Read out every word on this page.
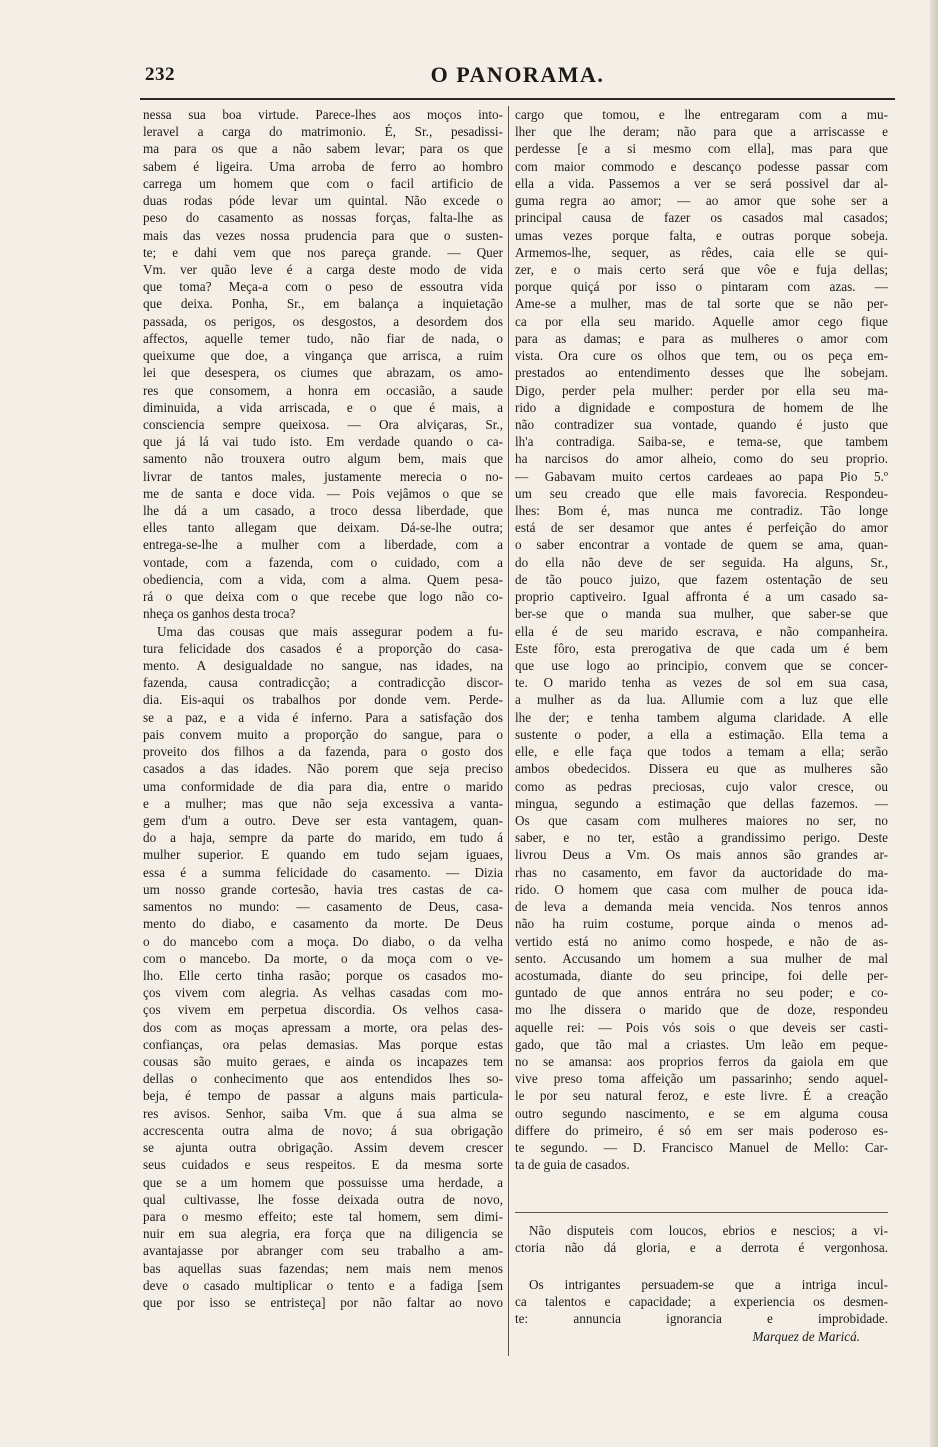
232	O PANORAMA.
nessa sua boa virtude. Parece-lhes aos moços into-
leravel a carga do matrimonio. É, Sr., pesadissi-
ma para os que a não sabem levar; para os que
sabem é ligeira. Uma arroba de ferro ao hombro
carrega um homem que com o facil artificio de
duas rodas póde levar um quintal. Não excede o
peso do casamento as nossas forças, falta-lhe as
mais das vezes nossa prudencia para que o susten-
te; e dahi vem que nos pareça grande. — Quer
Vm. ver quão leve é a carga deste modo de vida
que toma? Meça-a com o peso de essoutra vida
que deixa. Ponha, Sr., em balança a inquietação
passada, os perigos, os desgostos, a desordem dos
affectos, aquelle temer tudo, não fiar de nada, o
queixume que doe, a vingança que arrisca, a ruim
lei que desespera, os ciumes que abrazam, os amo-
res que consomem, a honra em occasião, a saude
diminuida, a vida arriscada, e o que é mais, a
consciencia sempre queixosa. — Ora alviçaras, Sr.,
que já lá vai tudo isto. Em verdade quando o ca-
samento não trouxera outro algum bem, mais que
livrar de tantos males, justamente merecia o no-
me de santa e doce vida. — Pois vejâmos o que se
lhe dá a um casado, a troco dessa liberdade, que
elles tanto allegam que deixam. Dá-se-lhe outra;
entrega-se-lhe a mulher com a liberdade, com a
vontade, com a fazenda, com o cuidado, com a
obediencia, com a vida, com a alma. Quem pesa-
rá o que deixa com o que recebe que logo não co-
nheça os ganhos desta troca?
Uma das cousas que mais assegurar podem a fu-
tura felicidade dos casados é a proporção do casa-
mento. A desigualdade no sangue, nas idades, na
fazenda, causa contradicção; a contradicção discor-
dia. Eis-aqui os trabalhos por donde vem. Perde-
se a paz, e a vida é inferno. Para a satisfação dos
pais convem muito a proporção do sangue, para o
proveito dos filhos a da fazenda, para o gosto dos
casados a das idades. Não porem que seja preciso
uma conformidade de dia para dia, entre o marido
e a mulher; mas que não seja excessiva a vanta-
gem d'um a outro. Deve ser esta vantagem, quan-
do a haja, sempre da parte do marido, em tudo á
mulher superior. E quando em tudo sejam iguaes,
essa é a summa felicidade do casamento. — Dizia
um nosso grande cortesão, havia tres castas de ca-
samentos no mundo: — casamento de Deus, casa-
mento do diabo, e casamento da morte. De Deus
o do mancebo com a moça. Do diabo, o da velha
com o mancebo. Da morte, o da moça com o ve-
lho. Elle certo tinha rasão; porque os casados mo-
ços vivem com alegria. As velhas casadas com mo-
ços vivem em perpetua discordia. Os velhos casa-
dos com as moças apressam a morte, ora pelas des-
confianças, ora pelas demasias. Mas porque estas
cousas são muito geraes, e ainda os incapazes tem
dellas o conhecimento que aos entendidos lhes so-
beja, é tempo de passar a alguns mais particula-
res avisos. Senhor, saiba Vm. que á sua alma se
accrescenta outra alma de novo; á sua obrigação
se ajunta outra obrigação. Assim devem crescer
seus cuidados e seus respeitos. E da mesma sorte
que se a um homem que possuisse uma herdade, a
qual cultivasse, lhe fosse deixada outra de novo,
para o mesmo effeito; este tal homem, sem dimi-
nuir em sua alegria, era força que na diligencia se
avantajasse por abranger com seu trabalho a am-
bas aquellas suas fazendas; nem mais nem menos
deve o casado multiplicar o tento e a fadiga [sem
que por isso se entristeça] por não faltar ao novo
cargo que tomou, e lhe entregaram com a mu-
lher que lhe deram; não para que a arriscasse e
perdesse [e a si mesmo com ella], mas para que
com maior commodo e descanço podesse passar com
ella a vida. Passemos a ver se será possivel dar al-
guma regra ao amor; — ao amor que sohe ser a
principal causa de fazer os casados mal casados;
umas vezes porque falta, e outras porque sobeja.
Armemos-lhe, sequer, as rêdes, caia elle se qui-
zer, e o mais certo será que vôe e fuja dellas;
porque quiçá por isso o pintaram com azas. —
Ame-se a mulher, mas de tal sorte que se não per-
ca por ella seu marido. Aquelle amor cego fique
para as damas; e para as mulheres o amor com
vista. Ora cure os olhos que tem, ou os peça em-
prestados ao entendimento desses que lhe sobejam.
Digo, perder pela mulher: perder por ella seu ma-
rido a dignidade e compostura de homem de lhe
não contradizer sua vontade, quando é justo que
lh'a contradiga. Saiba-se, e tema-se, que tambem
ha narcisos do amor alheio, como do seu proprio.
— Gabavam muito certos cardeaes ao papa Pio 5.º
um seu creado que elle mais favorecia. Respondeu-
lhes: Bom é, mas nunca me contradiz. Tão longe
está de ser desamor que antes é perfeição do amor
o saber encontrar a vontade de quem se ama, quan-
do ella não deve de ser seguida. Ha alguns, Sr.,
de tão pouco juizo, que fazem ostentação de seu
proprio captiveiro. Igual affronta é a um casado sa-
ber-se que o manda sua mulher, que saber-se que
ella é de seu marido escrava, e não companheira.
Este fôro, esta prerogativa de que cada um é bem
que use logo ao principio, convem que se concer-
te. O marido tenha as vezes de sol em sua casa,
a mulher as da lua. Allumie com a luz que elle
lhe der; e tenha tambem alguma claridade. A elle
sustente o poder, a ella a estimação. Ella tema a
elle, e elle faça que todos a temam a ella; serão
ambos obedecidos. Dissera eu que as mulheres são
como as pedras preciosas, cujo valor cresce, ou
mingua, segundo a estimação que dellas fazemos. —
Os que casam com mulheres maiores no ser, no
saber, e no ter, estão a grandissimo perigo. Deste
livrou Deus a Vm. Os mais annos são grandes ar-
rhas no casamento, em favor da auctoridade do ma-
rido. O homem que casa com mulher de pouca ida-
de leva a demanda meia vencida. Nos tenros annos
não ha ruim costume, porque ainda o menos ad-
vertido está no animo como hospede, e não de as-
sento. Accusando um homem a sua mulher de mal
acostumada, diante do seu principe, foi delle per-
guntado de que annos entrára no seu poder; e co-
mo lhe dissera o marido que de doze, respondeu
aquelle rei: — Pois vós sois o que deveis ser casti-
gado, que tão mal a criastes. Um leão em peque-
no se amansa: aos proprios ferros da gaiola em que
vive preso toma affeição um passarinho; sendo aquel-
le por seu natural feroz, e este livre. É a creação
outro segundo nascimento, e se em alguma cousa
differe do primeiro, é só em ser mais poderoso es-
te segundo. — D. Francisco Manuel de Mello: Car-
ta de guia de casados.
Não disputeis com loucos, ebrios e nescios; a vi-
ctoria não dá gloria, e a derrota é vergonhosa.
Os intrigantes persuadem-se que a intriga incul-
ca talentos e capacidade; a experiencia os desmen-
te: annuncia ignorancia e improbidade.
Marquez de Maricá.
